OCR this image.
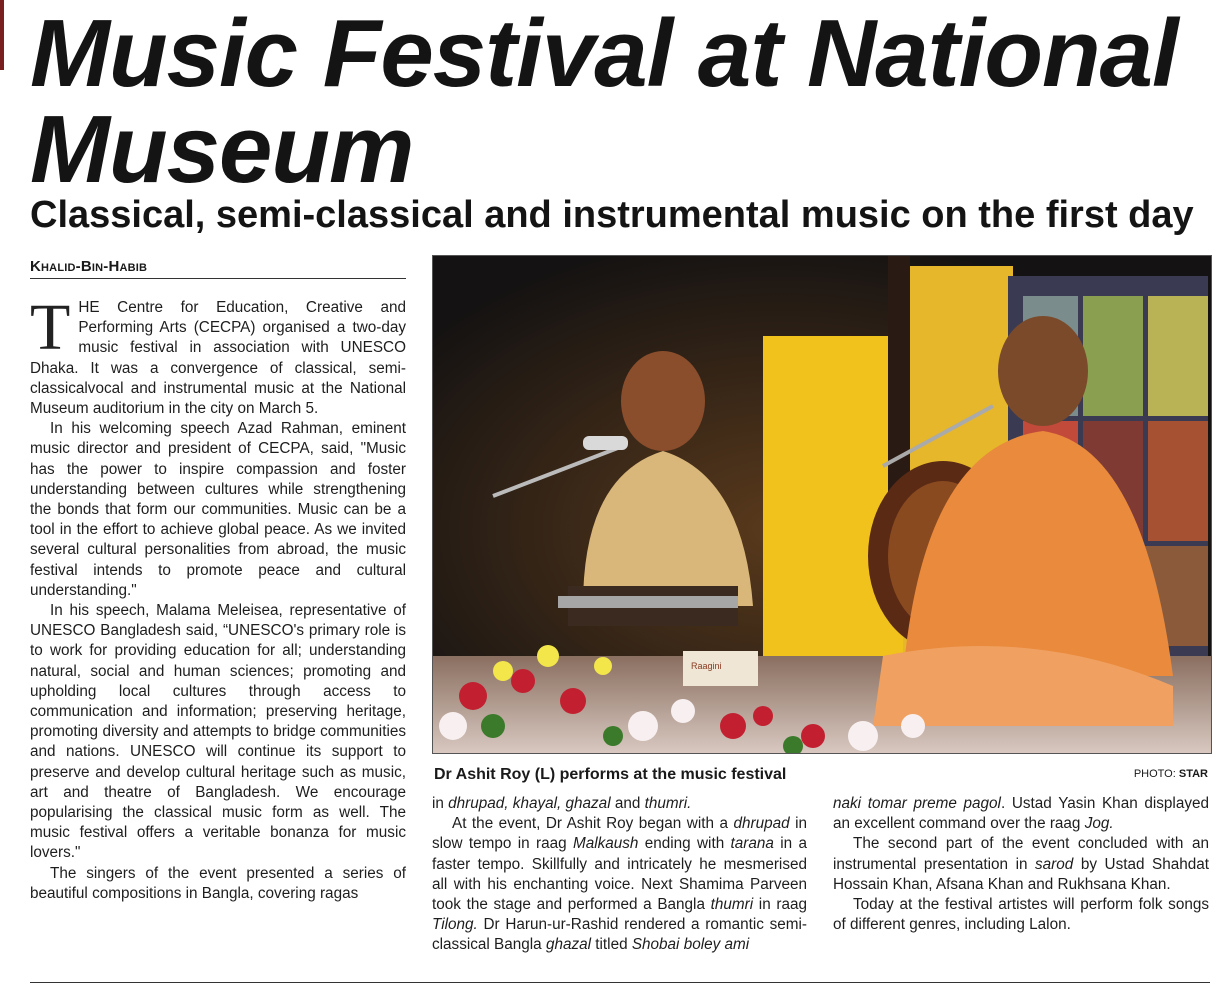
Music Festival at National Museum
Classical, semi-classical and instrumental music on the first day
Khalid-Bin-Habib

THE Centre for Education, Creative and Performing Arts (CECPA) organised a two-day music festival in association with UNESCO Dhaka. It was a convergence of classical, semi-classicalvocal and instrumental music at the National Museum auditorium in the city on March 5.

In his welcoming speech Azad Rahman, eminent music director and president of CECPA, said, "Music has the power to inspire compassion and foster understanding between cultures while strengthening the bonds that form our communities. Music can be a tool in the effort to achieve global peace. As we invited several cultural personalities from abroad, the music festival intends to promote peace and cultural understanding."

In his speech, Malama Meleisea, representative of UNESCO Bangladesh said, “UNESCO's primary role is to work for providing education for all; understanding natural, social and human sciences; promoting and upholding local cultures through access to communication and information; preserving heritage, promoting diversity and attempts to bridge communities and nations. UNESCO will continue its support to preserve and develop cultural heritage such as music, art and theatre of Bangladesh. We encourage popularising the classical music form as well. The music festival offers a veritable bonanza for music lovers."

The singers of the event presented a series of beautiful compositions in Bangla, covering ragas

Raagini
Dr Ashit Roy (L) performs at the music festival	PHOTO: STAR

in dhrupad, khayal, ghazal and thumri.

At the event, Dr Ashit Roy began with a dhrupad in slow tempo in raag Malkaush ending with tarana in a faster tempo. Skillfully and intricately he mesmerised all with his enchanting voice. Next Shamima Parveen took the stage and performed a Bangla thumri in raag Tilong. Dr Harun-ur-Rashid rendered a romantic semi-classical Bangla ghazal titled Shobai boley ami

naki tomar preme pagol. Ustad Yasin Khan displayed an excellent command over the raag Jog.

The second part of the event concluded with an instrumental presentation in sarod by Ustad Shahdat Hossain Khan, Afsana Khan and Rukhsana Khan.

Today at the festival artistes will perform folk songs of different genres, including Lalon.
